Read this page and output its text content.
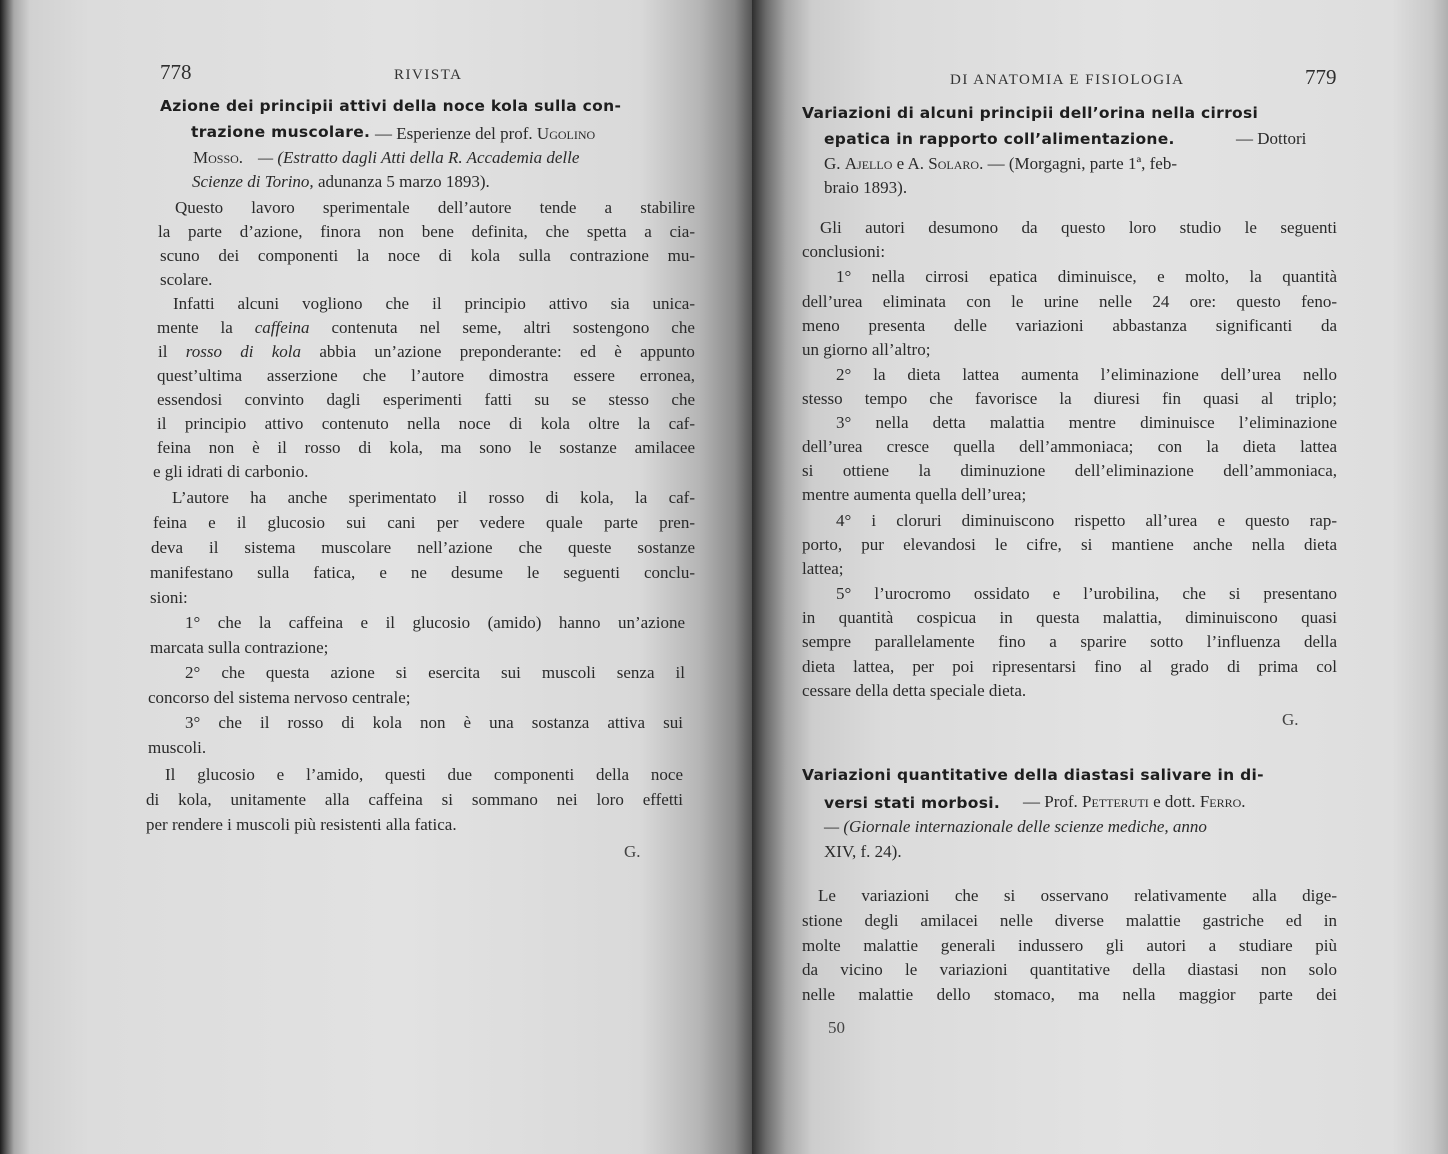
778	RIVISTA
Azione dei principii attivi della noce kola sulla con-
trazione muscolare. — Esperienze del prof. Ugolino
Mosso. — (Estratto dagli Atti della R. Accademia delle
Scienze di Torino, adunanza 5 marzo 1893).
Questo lavoro sperimentale dell’autore tende a stabilire
la parte d’azione, finora non bene definita, che spetta a cia-
scuno dei componenti la noce di kola sulla contrazione mu-
scolare.
Infatti alcuni vogliono che il principio attivo sia unica-
mente la caffeina contenuta nel seme, altri sostengono che
il rosso di kola abbia un’azione preponderante: ed è appunto
quest’ultima asserzione che l’autore dimostra essere erronea,
essendosi convinto dagli esperimenti fatti su se stesso che
il principio attivo contenuto nella noce di kola oltre la caf-
feina non è il rosso di kola, ma sono le sostanze amilacee
e gli idrati di carbonio.
L’autore ha anche sperimentato il rosso di kola, la caf-
feina e il glucosio sui cani per vedere quale parte pren-
deva il sistema muscolare nell’azione che queste sostanze
manifestano sulla fatica, e ne desume le seguenti conclu-
sioni:
1° che la caffeina e il glucosio (amido) hanno un’azione
marcata sulla contrazione;
2° che questa azione si esercita sui muscoli senza il
concorso del sistema nervoso centrale;
3° che il rosso di kola non è una sostanza attiva sui
muscoli.
Il glucosio e l’amido, questi due componenti della noce
di kola, unitamente alla caffeina si sommano nei loro effetti
per rendere i muscoli più resistenti alla fatica.
G.
DI ANATOMIA E FISIOLOGIA	779
Variazioni di alcuni principii dell’orina nella cirrosi
epatica in rapporto coll’alimentazione.	— Dottori
G. Ajello e A. Solaro. — (Morgagni, parte 1ª, feb-
braio 1893).
Gli autori desumono da questo loro studio le seguenti
conclusioni:
1° nella cirrosi epatica diminuisce, e molto, la quantità
dell’urea eliminata con le urine nelle 24 ore: questo feno-
meno presenta delle variazioni abbastanza significanti da
un giorno all’altro;
2° la dieta lattea aumenta l’eliminazione dell’urea nello
stesso tempo che favorisce la diuresi fin quasi al triplo;
3° nella detta malattia mentre diminuisce l’eliminazione
dell’urea cresce quella dell’ammoniaca; con la dieta lattea
si ottiene la diminuzione dell’eliminazione dell’ammoniaca,
mentre aumenta quella dell’urea;
4° i cloruri diminuiscono rispetto all’urea e questo rap-
porto, pur elevandosi le cifre, si mantiene anche nella dieta
lattea;
5° l’urocromo ossidato e l’urobilina, che si presentano
in quantità cospicua in questa malattia, diminuiscono quasi
sempre parallelamente fino a sparire sotto l’influenza della
dieta lattea, per poi ripresentarsi fino al grado di prima col
cessare della detta speciale dieta.
G.
Variazioni quantitative della diastasi salivare in di-
versi stati morbosi. — Prof. Petteruti e dott. Ferro.
— (Giornale internazionale delle scienze mediche, anno
XIV, f. 24).
Le variazioni che si osservano relativamente alla dige-
stione degli amilacei nelle diverse malattie gastriche ed in
molte malattie generali indussero gli autori a studiare più
da vicino le variazioni quantitative della diastasi non solo
nelle malattie dello stomaco, ma nella maggior parte dei
50
